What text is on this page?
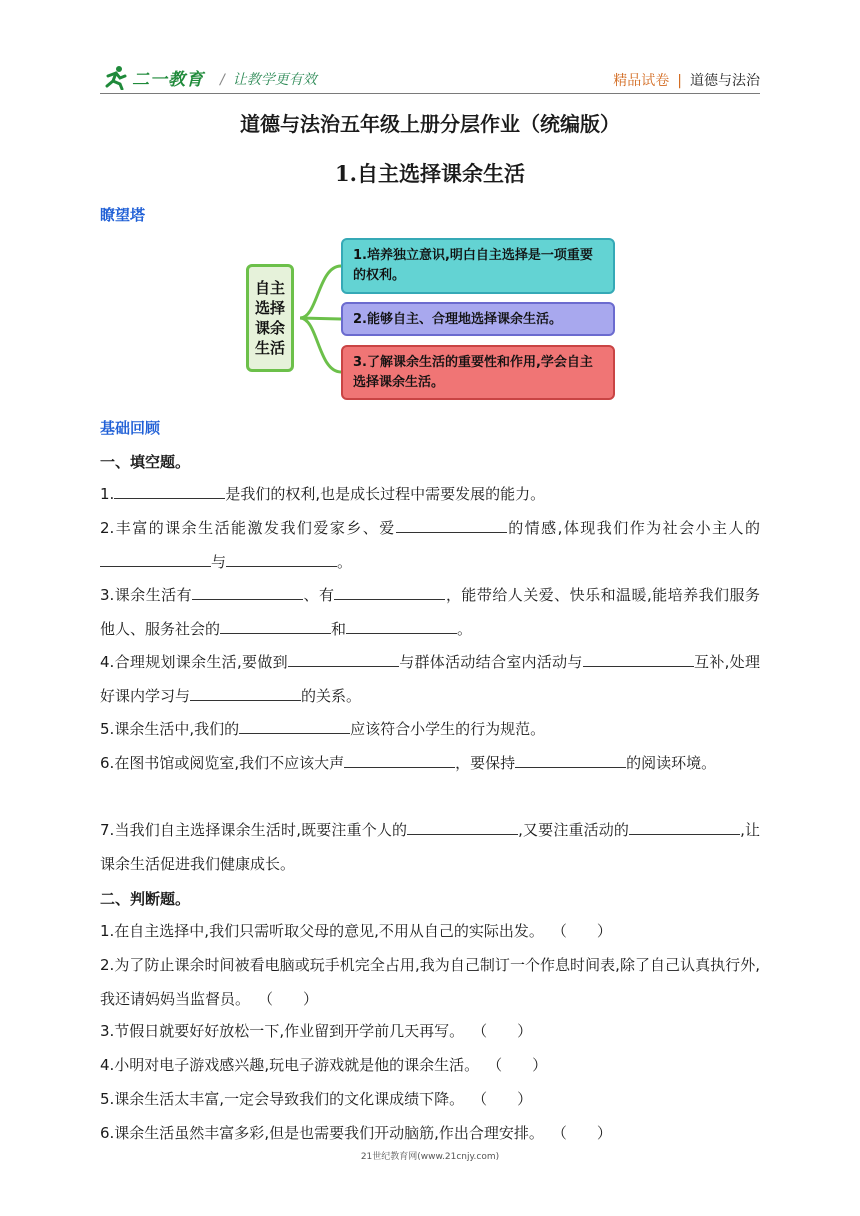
二一教育 / 让教学更有效	精品试卷 | 道德与法治
道德与法治五年级上册分层作业（统编版）
1.自主选择课余生活
瞭望塔
自主选择课余生活
1.培养独立意识,明白自主选择是一项重要的权利。
2.能够自主、合理地选择课余生活。
3.了解课余生活的重要性和作用,学会自主选择课余生活。
基础回顾
一、填空题。
1.	是我们的权利,也是成长过程中需要发展的能力。
2.丰富的课余生活能激发我们爱家乡、爱	的情感,体现我们作为社会小主人的与	。
3.课余生活有	、有	，能带给人关爱、快乐和温暖,能培养我们服务他人、服务社会的	和	。
4.合理规划课余生活,要做到	与群体活动结合室内活动与	互补,处理好课内学习与	的关系。
5.课余生活中,我们的	应该符合小学生的行为规范。
6.在图书馆或阅览室,我们不应该大声	，要保持	的阅读环境。
7.当我们自主选择课余生活时,既要注重个人的	,又要注重活动的	,让课余生活促进我们健康成长。
二、判断题。
1.在自主选择中,我们只需听取父母的意见,不用从自己的实际出发。 （　　）
2.为了防止课余时间被看电脑或玩手机完全占用,我为自己制订一个作息时间表,除了自己认真执行外,我还请妈妈当监督员。 （　　）
3.节假日就要好好放松一下,作业留到开学前几天再写。 （　　）
4.小明对电子游戏感兴趣,玩电子游戏就是他的课余生活。 （　　）
5.课余生活太丰富,一定会导致我们的文化课成绩下降。 （　　）
6.课余生活虽然丰富多彩,但是也需要我们开动脑筋,作出合理安排。 （　　）
21世纪教育网(www.21cnjy.com)
